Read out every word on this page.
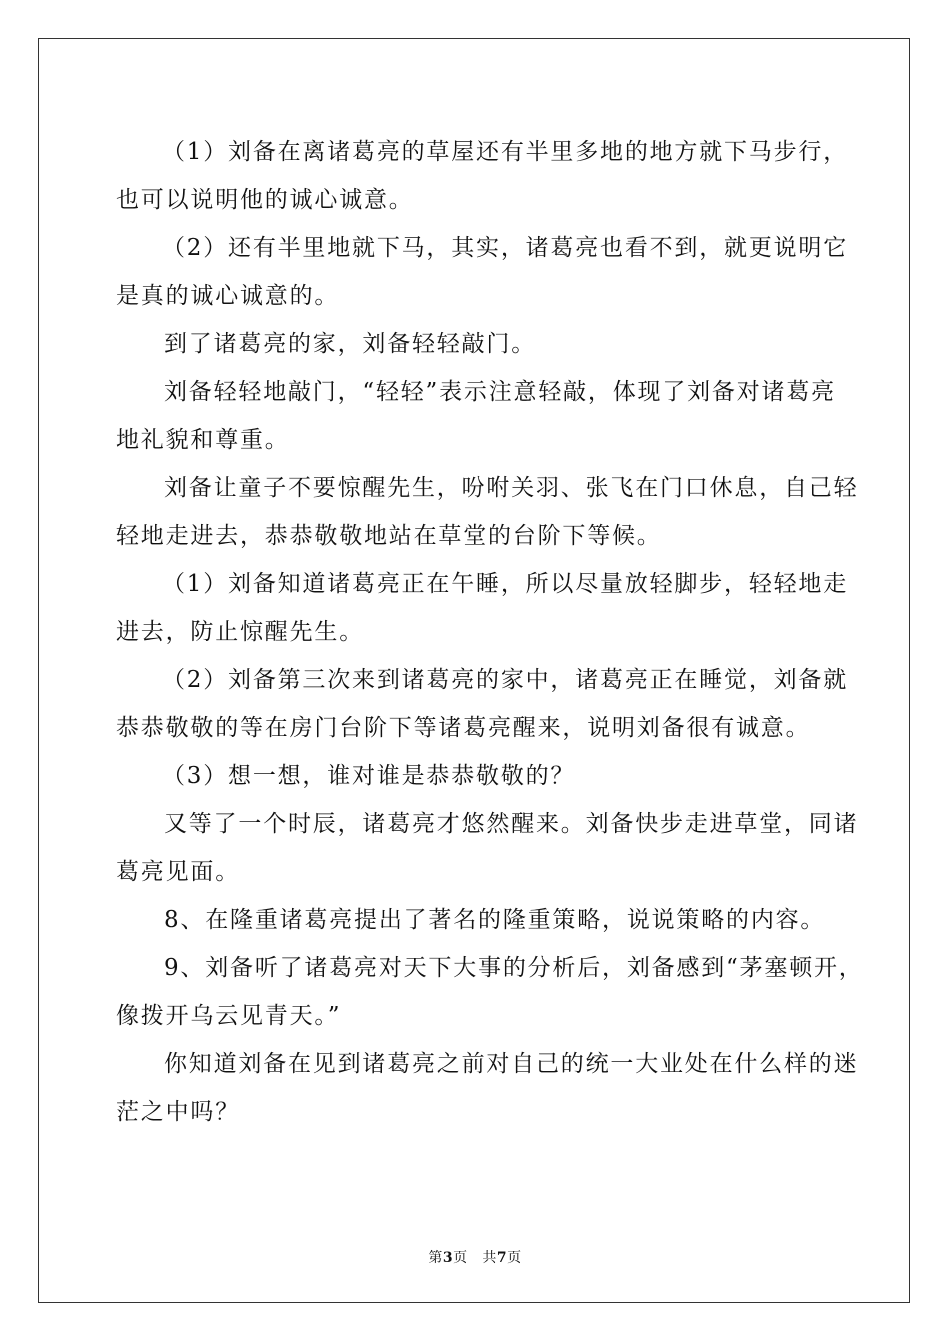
（1）刘备在离诸葛亮的草屋还有半里多地的地方就下马步行，
也可以说明他的诚心诚意。

（2）还有半里地就下马，其实，诸葛亮也看不到，就更说明它
是真的诚心诚意的。

到了诸葛亮的家，刘备轻轻敲门。

刘备轻轻地敲门，“轻轻”表示注意轻敲，体现了刘备对诸葛亮
地礼貌和尊重。

刘备让童子不要惊醒先生，吩咐关羽、张飞在门口休息，自己轻
轻地走进去，恭恭敬敬地站在草堂的台阶下等候。

（1）刘备知道诸葛亮正在午睡，所以尽量放轻脚步，轻轻地走
进去，防止惊醒先生。

（2）刘备第三次来到诸葛亮的家中，诸葛亮正在睡觉，刘备就
恭恭敬敬的等在房门台阶下等诸葛亮醒来，说明刘备很有诚意。

（3）想一想，谁对谁是恭恭敬敬的？

又等了一个时辰，诸葛亮才悠然醒来。刘备快步走进草堂，同诸
葛亮见面。

8、在隆重诸葛亮提出了著名的隆重策略，说说策略的内容。

9、刘备听了诸葛亮对天下大事的分析后，刘备感到“茅塞顿开，
像拨开乌云见青天。”

你知道刘备在见到诸葛亮之前对自己的统一大业处在什么样的迷
茫之中吗？

第3页 共7页
